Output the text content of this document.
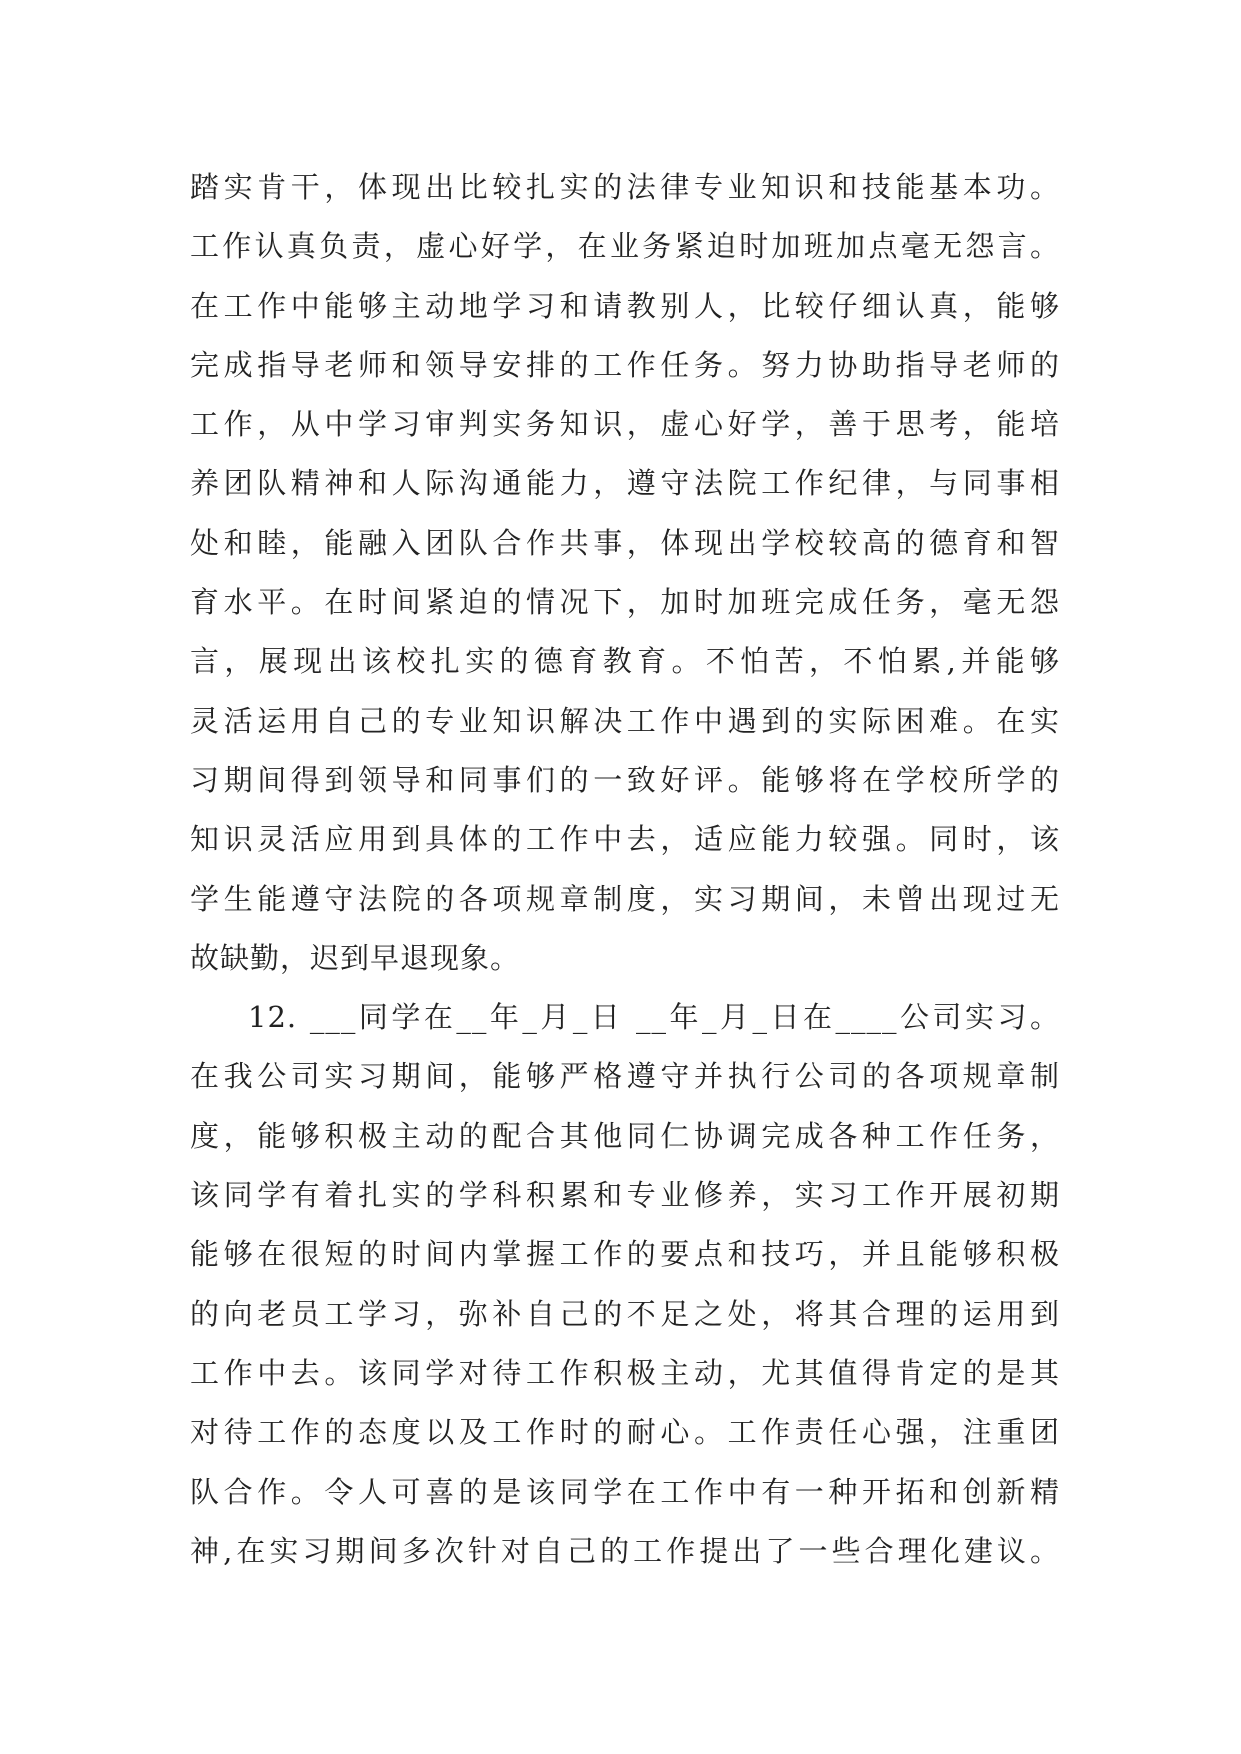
踏实肯干，体现出比较扎实的法律专业知识和技能基本功。
工作认真负责，虚心好学，在业务紧迫时加班加点毫无怨言。
在工作中能够主动地学习和请教别人，比较仔细认真，能够
完成指导老师和领导安排的工作任务。努力协助指导老师的
工作，从中学习审判实务知识，虚心好学，善于思考，能培
养团队精神和人际沟通能力，遵守法院工作纪律，与同事相
处和睦，能融入团队合作共事，体现出学校较高的德育和智
育水平。在时间紧迫的情况下，加时加班完成任务，毫无怨
言，展现出该校扎实的德育教育。不怕苦，不怕累,并能够
灵活运用自己的专业知识解决工作中遇到的实际困难。在实
习期间得到领导和同事们的一致好评。能够将在学校所学的
知识灵活应用到具体的工作中去，适应能力较强。同时，该
学生能遵守法院的各项规章制度，实习期间，未曾出现过无
故缺勤，迟到早退现象。
12. ___同学在__年_月_日 __年_月_日在____公司实习。
在我公司实习期间，能够严格遵守并执行公司的各项规章制
度，能够积极主动的配合其他同仁协调完成各种工作任务，
该同学有着扎实的学科积累和专业修养，实习工作开展初期
能够在很短的时间内掌握工作的要点和技巧，并且能够积极
的向老员工学习，弥补自己的不足之处，将其合理的运用到
工作中去。该同学对待工作积极主动，尤其值得肯定的是其
对待工作的态度以及工作时的耐心。工作责任心强，注重团
队合作。令人可喜的是该同学在工作中有一种开拓和创新精
神,在实习期间多次针对自己的工作提出了一些合理化建议。
